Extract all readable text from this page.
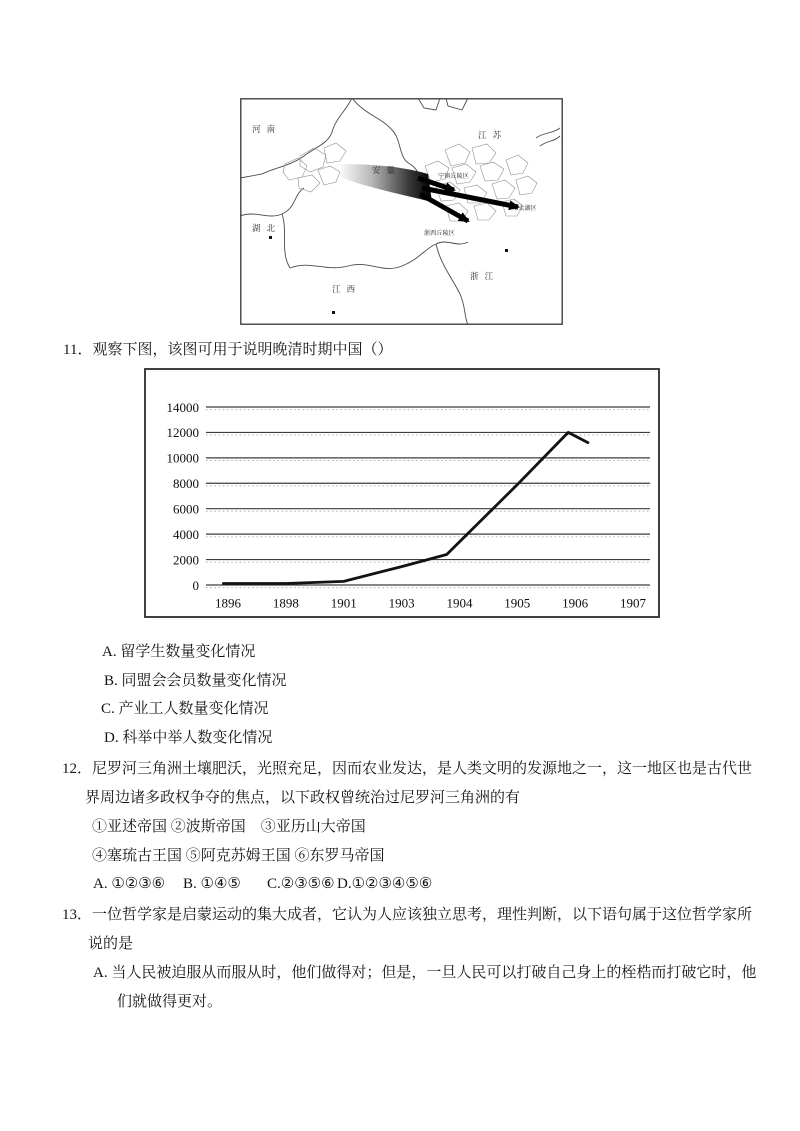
河 南
江 苏
安 徽
湖 北
江 西
浙 江
宁镇丘陵区
东太湖区
浙西丘陵区
11．观察下图，该图可用于说明晚清时期中国（）
0
2000
4000
6000
8000
10000
12000
14000
1896 1898 1901 1903 1904 1905 1906 1907
A. 留学生数量变化情况
B. 同盟会会员数量变化情况
C. 产业工人数量变化情况
D. 科举中举人数变化情况
12．尼罗河三角洲土壤肥沃，光照充足，因而农业发达，是人类文明的发源地之一，这一地区也是古代世
界周边诸多政权争夺的焦点，以下政权曾统治过尼罗河三角洲的有
①亚述帝国 ②波斯帝国　③亚历山大帝国
④塞琉古王国 ⑤阿克苏姆王国 ⑥东罗马帝国
A. ①②③⑥ B. ①④⑤ C.②③⑤⑥ D.①②③④⑤⑥
13．一位哲学家是启蒙运动的集大成者，它认为人应该独立思考，理性判断，以下语句属于这位哲学家所
说的是
A. 当人民被迫服从而服从时，他们做得对；但是，一旦人民可以打破自己身上的桎梏而打破它时，他
们就做得更对。
